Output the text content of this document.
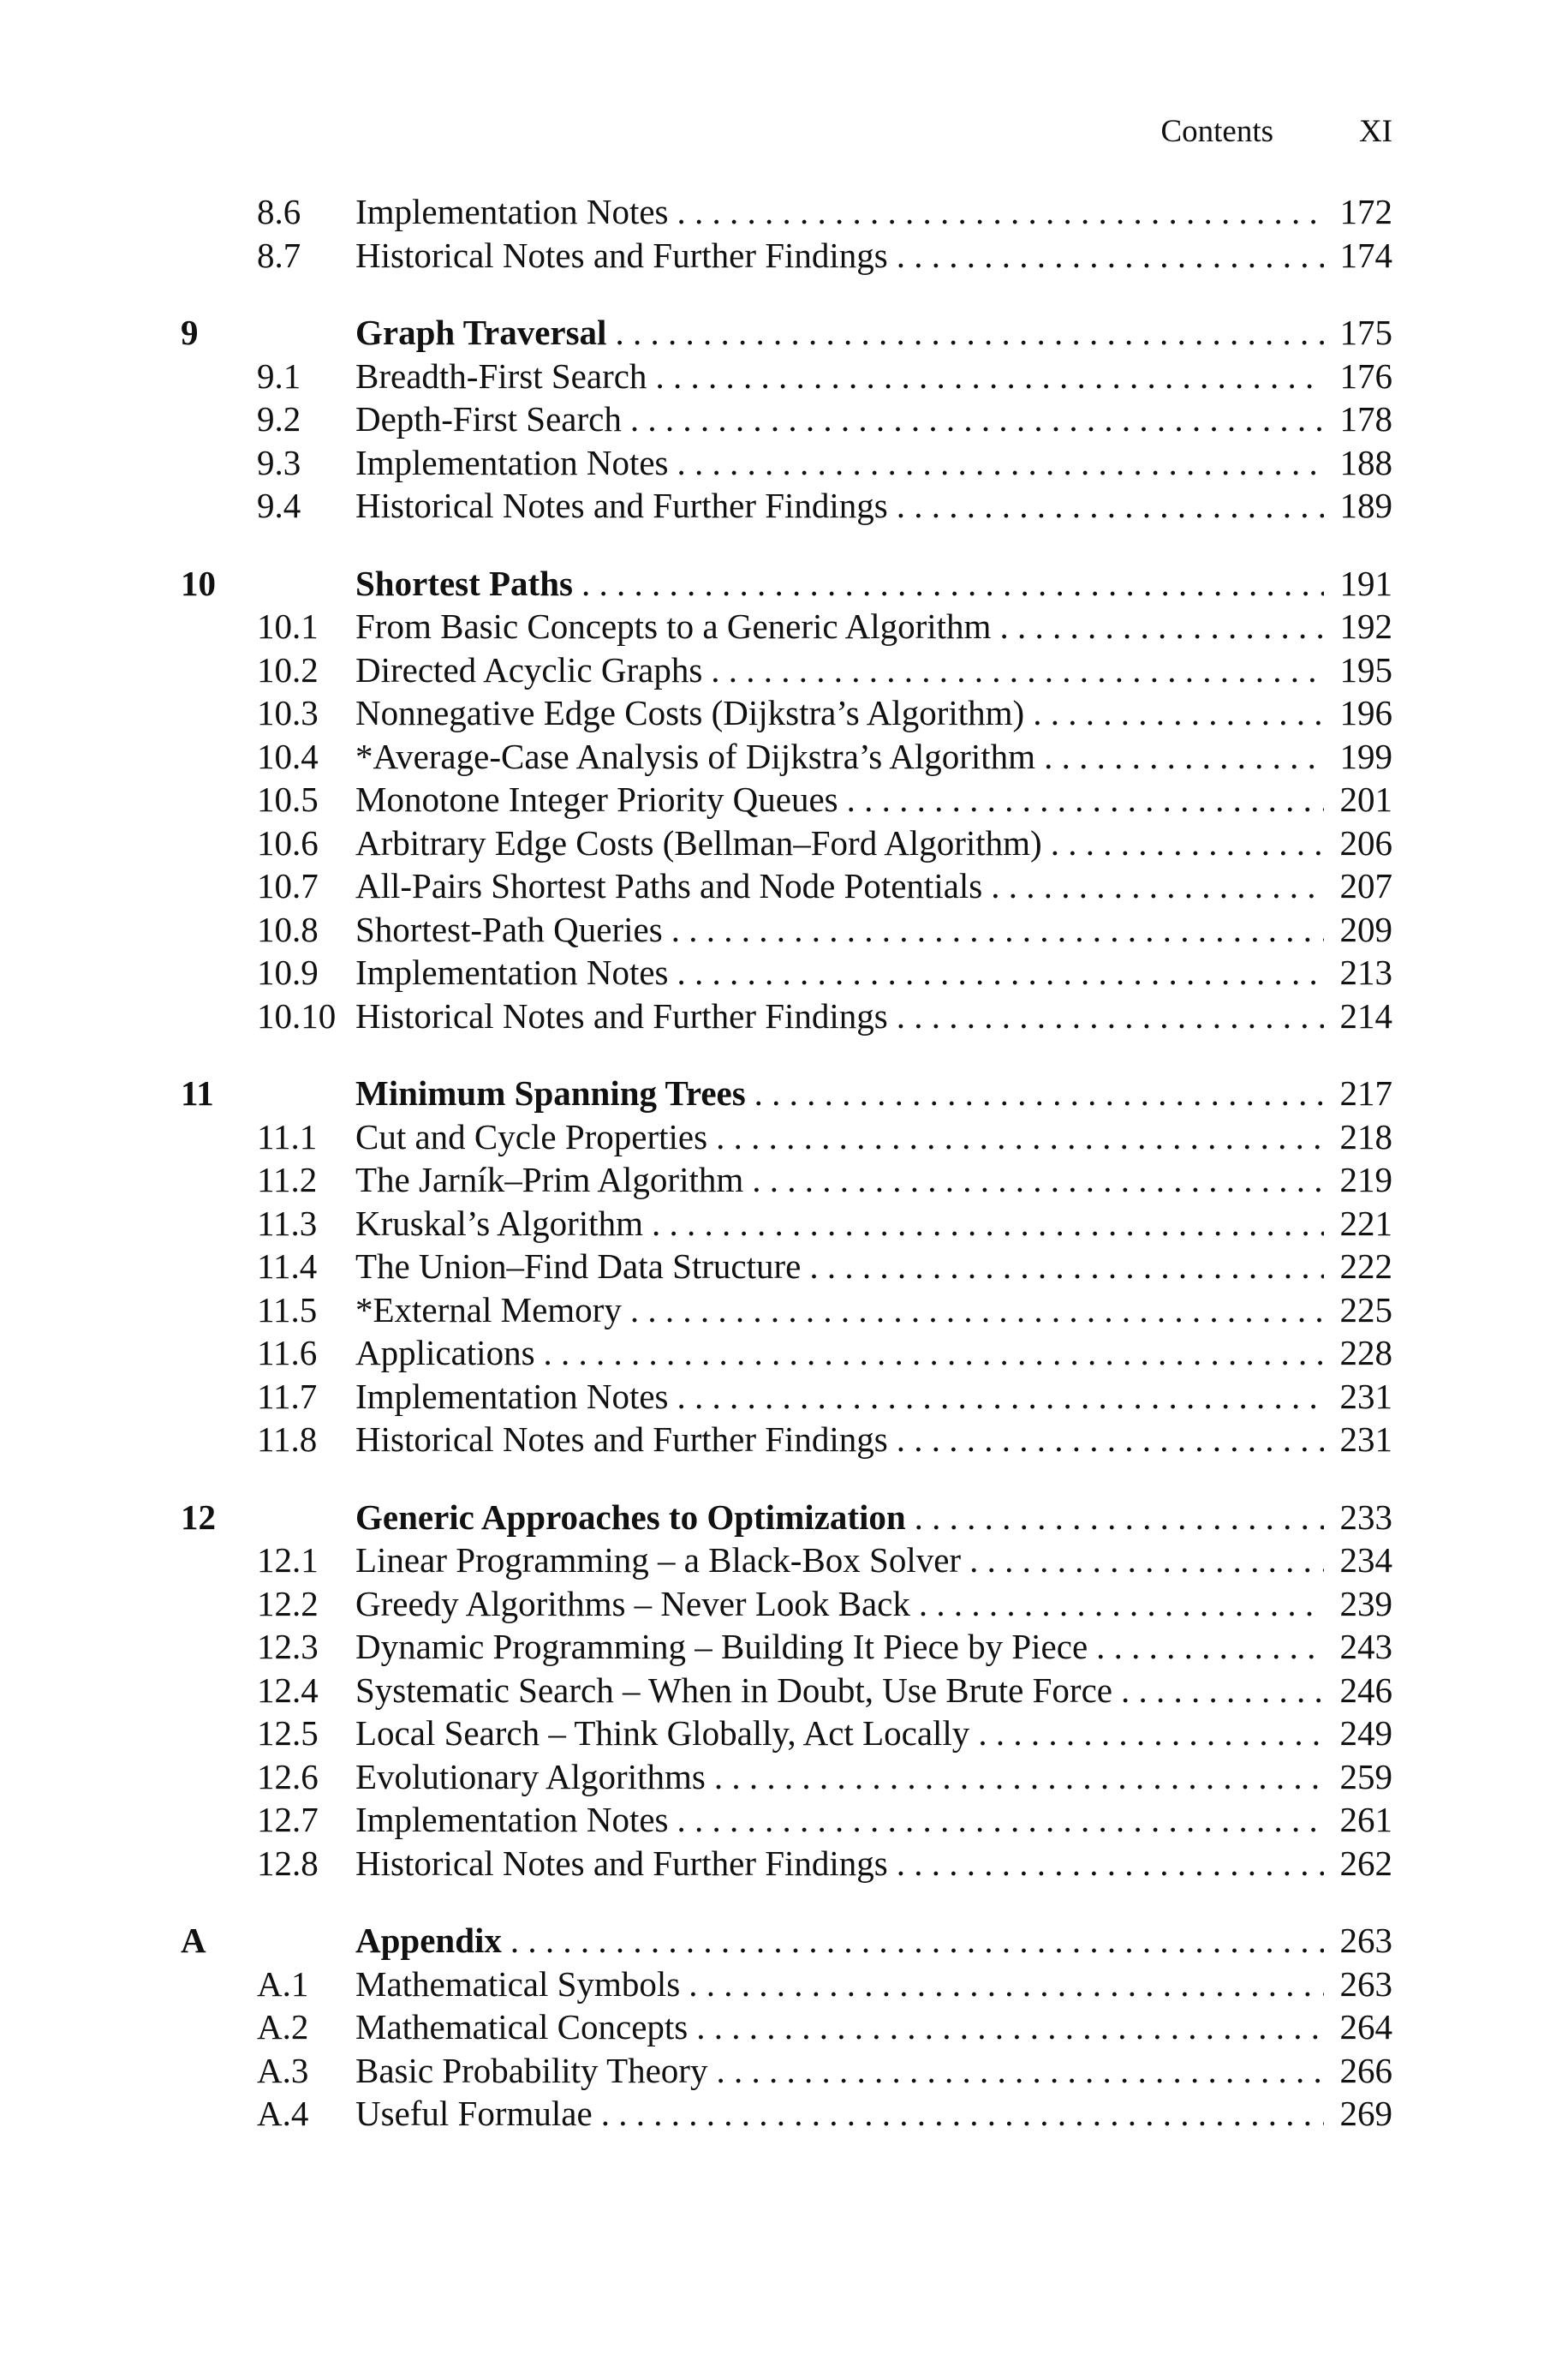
Contents	XI
8.6 Implementation Notes . . .	172
8.7 Historical Notes and Further Findings . . .	174
9	Graph Traversal . . .	175
9.1 Breadth-First Search . . .	176
9.2 Depth-First Search . . .	178
9.3 Implementation Notes . . .	188
9.4 Historical Notes and Further Findings . . .	189
10	Shortest Paths . . .	191
10.1 From Basic Concepts to a Generic Algorithm . . .	192
10.2 Directed Acyclic Graphs . . .	195
10.3 Nonnegative Edge Costs (Dijkstra’s Algorithm) . . .	196
10.4 *Average-Case Analysis of Dijkstra’s Algorithm . . .	199
10.5 Monotone Integer Priority Queues . . .	201
10.6 Arbitrary Edge Costs (Bellman–Ford Algorithm) . . .	206
10.7 All-Pairs Shortest Paths and Node Potentials . . .	207
10.8 Shortest-Path Queries . . .	209
10.9 Implementation Notes . . .	213
10.10 Historical Notes and Further Findings . . .	214
11	Minimum Spanning Trees . . .	217
11.1 Cut and Cycle Properties . . .	218
11.2 The Jarník–Prim Algorithm . . .	219
11.3 Kruskal’s Algorithm . . .	221
11.4 The Union–Find Data Structure . . .	222
11.5 *External Memory . . .	225
11.6 Applications . . .	228
11.7 Implementation Notes . . .	231
11.8 Historical Notes and Further Findings . . .	231
12	Generic Approaches to Optimization . . .	233
12.1 Linear Programming – a Black-Box Solver . . .	234
12.2 Greedy Algorithms – Never Look Back . . .	239
12.3 Dynamic Programming – Building It Piece by Piece . . .	243
12.4 Systematic Search – When in Doubt, Use Brute Force . . .	246
12.5 Local Search – Think Globally, Act Locally . . .	249
12.6 Evolutionary Algorithms . . .	259
12.7 Implementation Notes . . .	261
12.8 Historical Notes and Further Findings . . .	262
A	Appendix . . .	263
A.1 Mathematical Symbols . . .	263
A.2 Mathematical Concepts . . .	264
A.3 Basic Probability Theory . . .	266
A.4 Useful Formulae . . .	269
